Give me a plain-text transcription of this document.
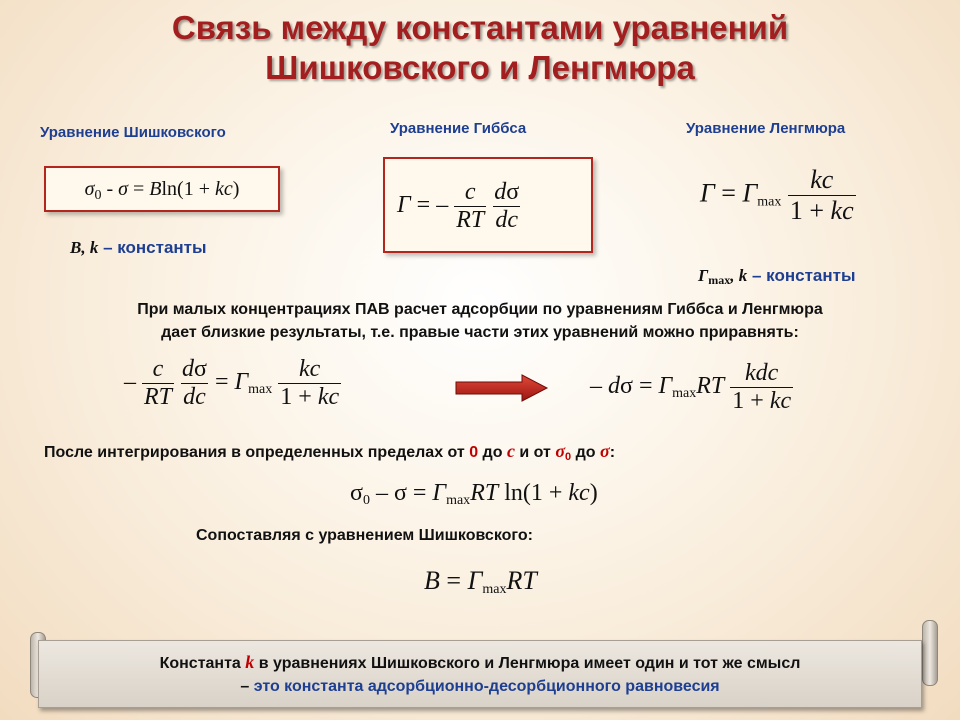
Связь между константами уравнений
Шишковского и Ленгмюра
Уравнение Шишковского	Уравнение Гиббса	Уравнение Ленгмюра
$\sigma_0 - \sigma = Bln(1 + kc)$
Γ = – $\frac{c}{RT}$
$\frac{d\sigma}{dc}$	$\Gamma = \Gamma_{max} \frac{kc}{1 + kc}$
B, k – константы
Γmax, k – константы
При малых концентрациях ПАВ расчет адсорбции по уравнениям Гиббса и Ленгмюра
дает близкие результаты, т.е. правые части этих уравнений можно приравнять:
– $\frac{c}{RT}$
$\frac{d\sigma}{dc} = \Gamma_{max} \frac{kc}{1 + kc}$	– $d\sigma = \Gamma_{max}RT \frac{\text{kdc}}{1 + kc}$
После интегрирования в определенных пределах от 0 до c и от σ0 до σ:
$\sigma_0 - \sigma = \Gamma_{max}RT$ ln(1 + kc)
Сопоставляя с уравнением Шишковского:
$B = \Gamma_{max}RT$
Константа k в уравнениях Шишковского и Ленгмюра имеет один и тот же смысл
– это константа адсорбционно-десорбционного равновесия
